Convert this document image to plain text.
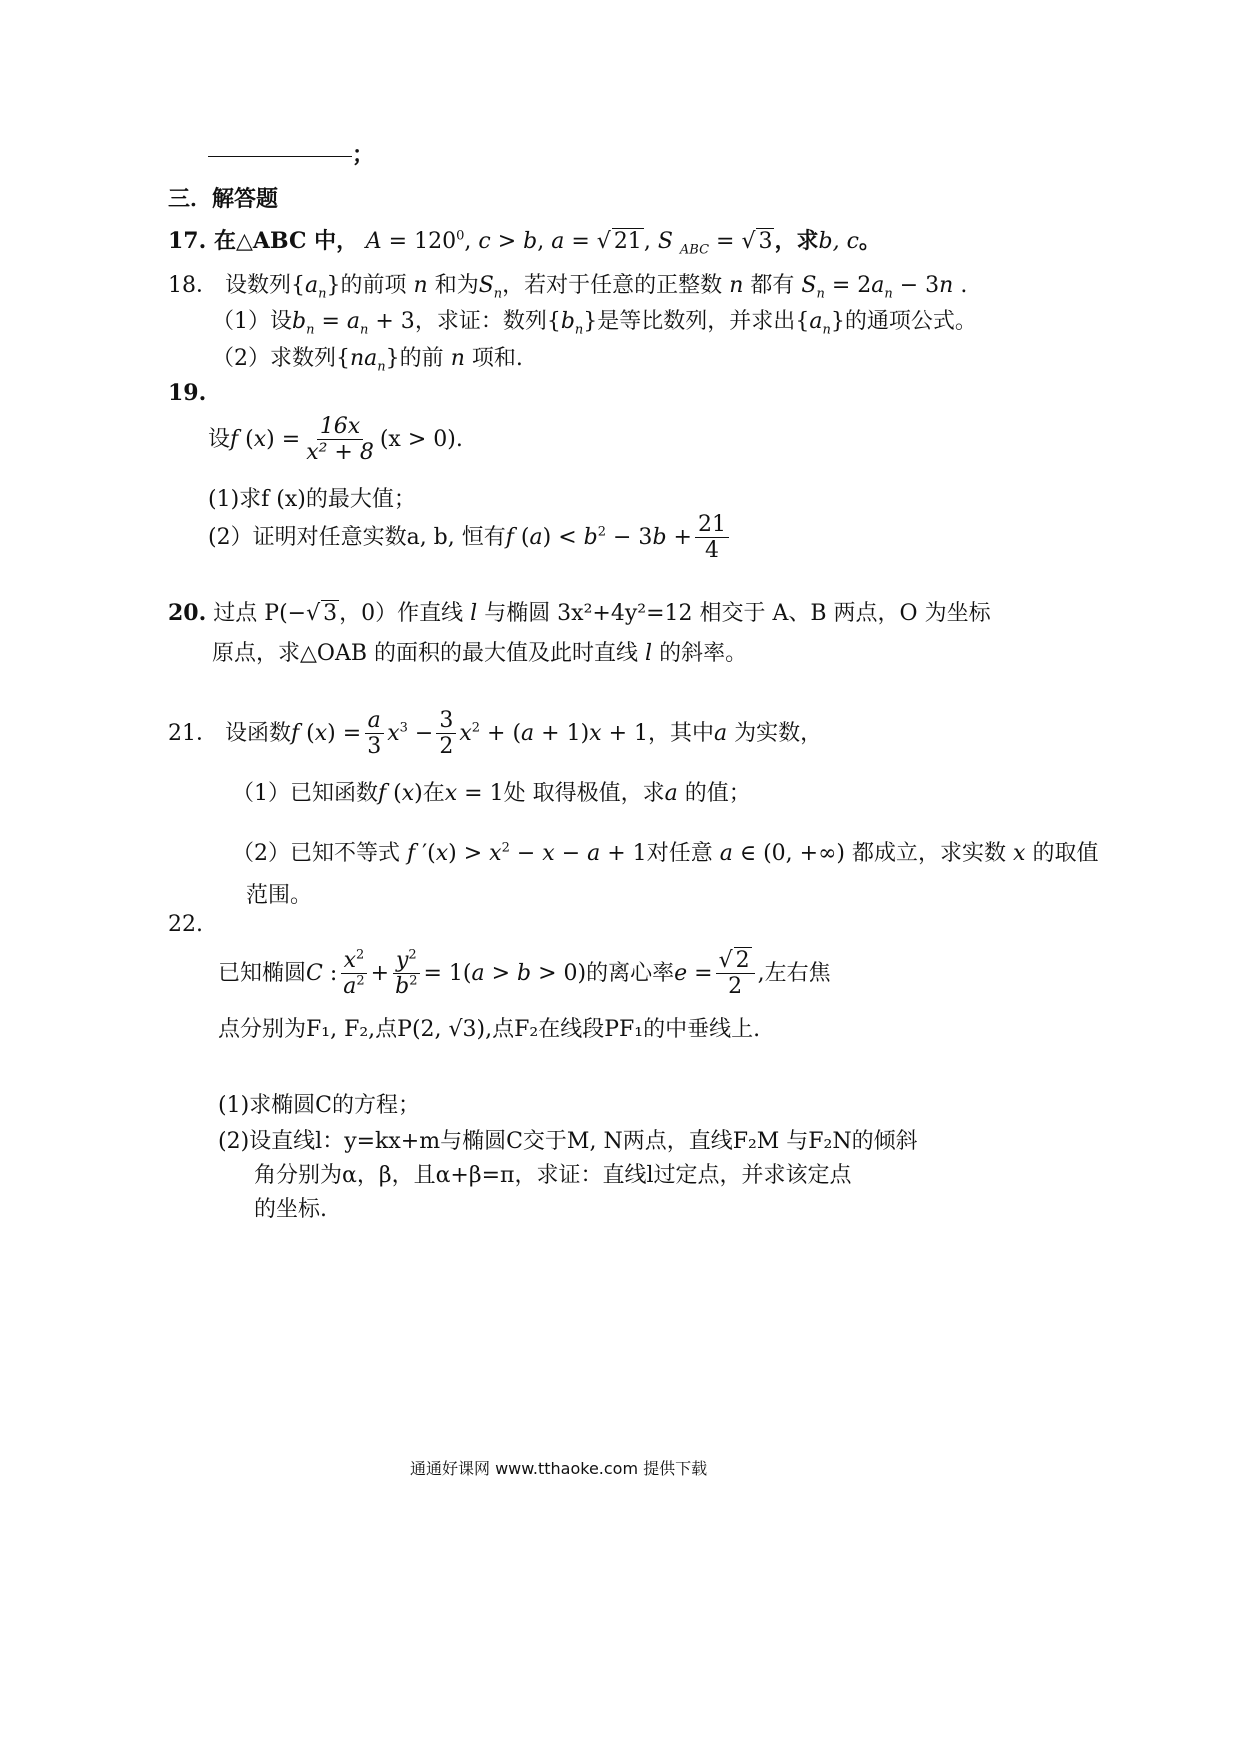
；
三．解答题
17. 在△ABC 中， $A = 120^0$, c > b, a = √ 21, S $_{ABC}$ = √ 3，求b, c。
18． 设数列$\{a_n\}$的前项 n 和为$S_n$，若对于任意的正整数 n 都有 $S_n = 2a_n - 3n$ .
（1）设$b_n = a_n + 3$，求证：数列$\{b_n\}$是等比数列，并求出$\{a_n\}$的通项公式。
（2）求数列$\{na_n\}$的前 n 项和.
19.
设f $(x) = \frac{16x}{\text{x² + 8}} (x > 0)$.
(1)求f (x)的最大值；
(2）证明对任意实数a, b, 恒有f $(a) < b^2 - 3b + \frac{21}{4}$
20. 过点 P(−√ 3，0）作直线 l 与椭圆 3x²+4y²=12 相交于 A、B 两点，O 为坐标
原点，求△OAB 的面积的最大值及此时直线 l 的斜率。
21． 设函数f $(x) = \frac{a}{3} x^3 - \frac{3}{2} x^2 + (a + 1)x + 1$，其中a 为实数，
（1）已知函数f (x)在x = 1处 取得极值，求a 的值；
（2）已知不等式 f $'(x) > x^2 - x - a + 1$对任意 a ∈ (0, +∞) 都成立，求实数 x 的取值
范围。
22.
已知椭圆C : $\frac{x^2}{a^2} + \frac{y^2}{b^2} = 1(a > b > 0)$的离心率$e = \frac{√ 2}{2}$ ,左右焦
点分别为F₁, F₂,点P(2, √3),点F₂在线段PF₁的中垂线上.
(1)求椭圆C的方程；
(2)设直线l：y=kx+m与椭圆C交于M, N两点，直线F₂M 与F₂N的倾斜
角分别为α，β，且α+β=π，求证：直线l过定点，并求该定点
的坐标.
通通好课网 www.tthaoke.com 提供下载
